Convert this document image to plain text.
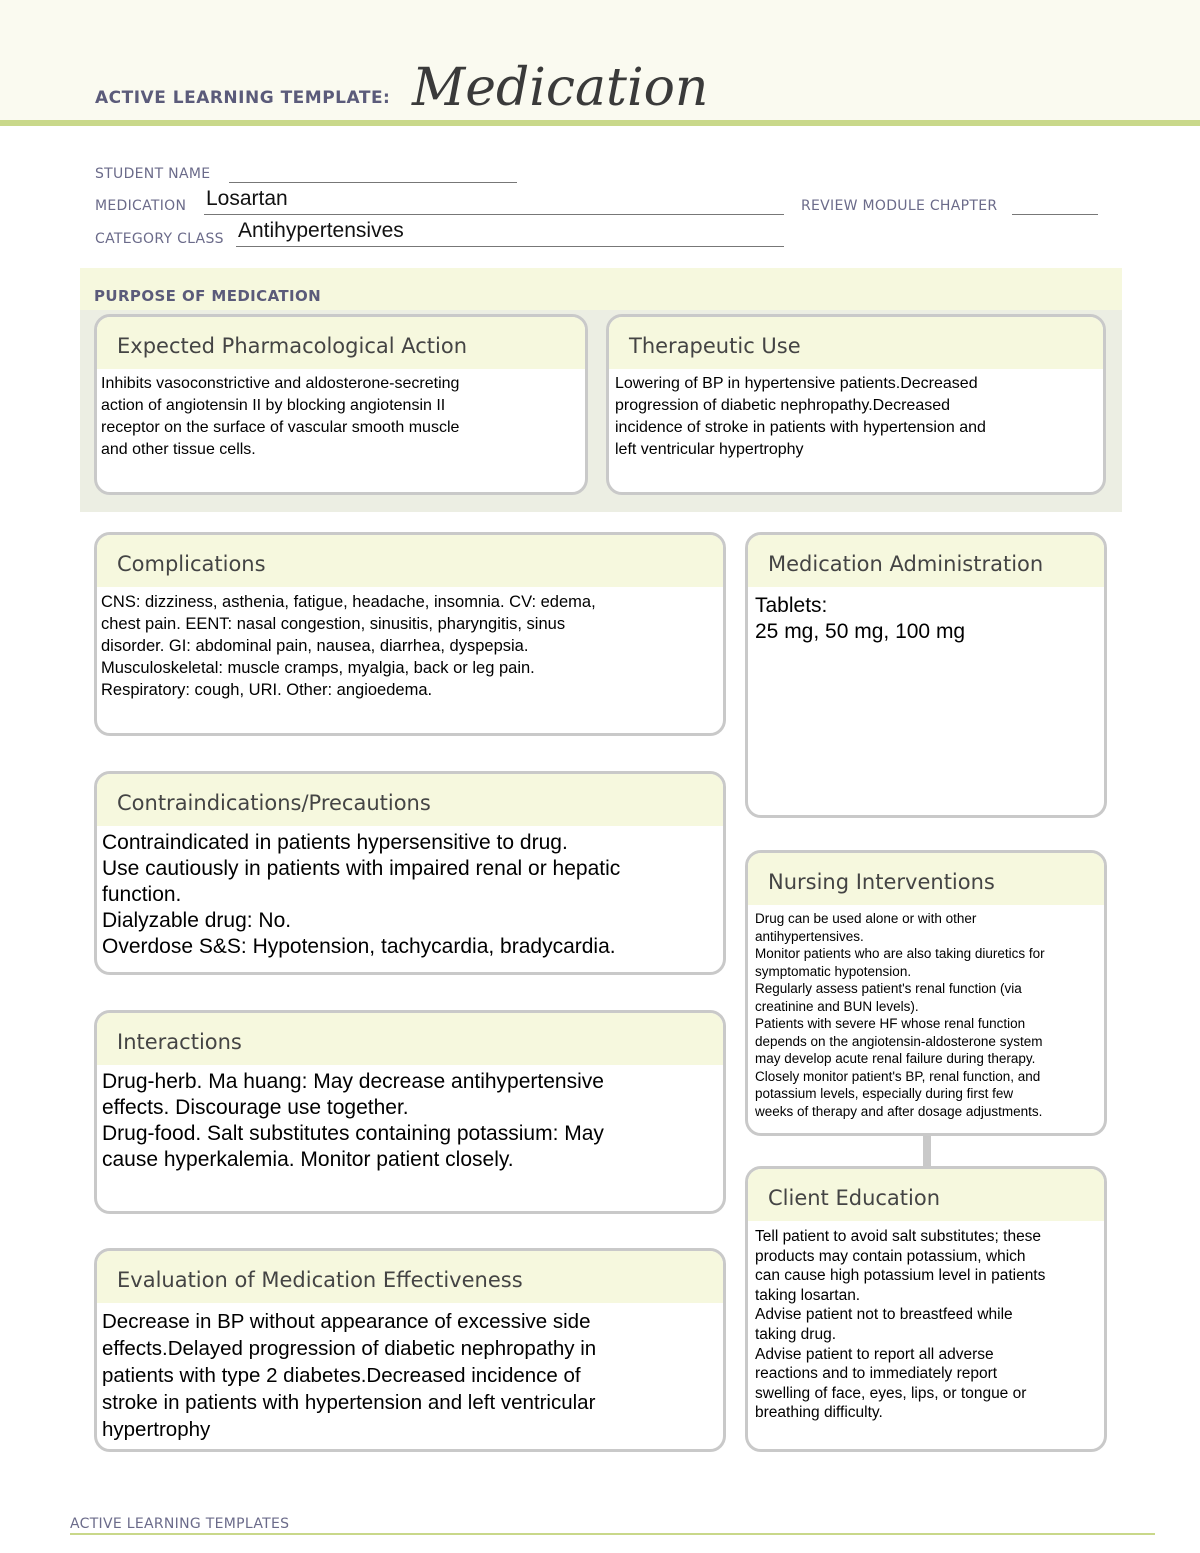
ACTIVE LEARNING TEMPLATE: Medication
STUDENT NAME
MEDICATION Losartan	REVIEW MODULE CHAPTER
CATEGORY CLASS Antihypertensives
PURPOSE OF MEDICATION
Expected Pharmacological Action
Inhibits vasoconstrictive and aldosterone-secreting
action of angiotensin II by blocking angiotensin II
receptor on the surface of vascular smooth muscle
and other tissue cells.
Therapeutic Use
Lowering of BP in hypertensive patients.Decreased
progression of diabetic nephropathy.Decreased
incidence of stroke in patients with hypertension and
left ventricular hypertrophy
Complications
CNS: dizziness, asthenia, fatigue, headache, insomnia. CV: edema,
chest pain. EENT: nasal congestion, sinusitis, pharyngitis, sinus
disorder. GI: abdominal pain, nausea, diarrhea, dyspepsia.
Musculoskeletal: muscle cramps, myalgia, back or leg pain.
Respiratory: cough, URI. Other: angioedema.
Medication Administration
Tablets:
25 mg, 50 mg, 100 mg
Contraindications/Precautions
Contraindicated in patients hypersensitive to drug.
Use cautiously in patients with impaired renal or hepatic
function.
Dialyzable drug: No.
Overdose S&S: Hypotension, tachycardia, bradycardia.
Nursing Interventions
Drug can be used alone or with other
antihypertensives.
Monitor patients who are also taking diuretics for
symptomatic hypotension.
Regularly assess patient's renal function (via
creatinine and BUN levels).
Patients with severe HF whose renal function
depends on the angiotensin-aldosterone system
may develop acute renal failure during therapy.
Closely monitor patient's BP, renal function, and
potassium levels, especially during first few
weeks of therapy and after dosage adjustments.
Interactions
Drug-herb. Ma huang: May decrease antihypertensive
effects. Discourage use together.
Drug-food. Salt substitutes containing potassium: May
cause hyperkalemia. Monitor patient closely.
Client Education
Tell patient to avoid salt substitutes; these
products may contain potassium, which
can cause high potassium level in patients
taking losartan.
Advise patient not to breastfeed while
taking drug.
Advise patient to report all adverse
reactions and to immediately report
swelling of face, eyes, lips, or tongue or
breathing difficulty.
Evaluation of Medication Effectiveness
Decrease in BP without appearance of excessive side
effects.Delayed progression of diabetic nephropathy in
patients with type 2 diabetes.Decreased incidence of
stroke in patients with hypertension and left ventricular
hypertrophy
ACTIVE LEARNING TEMPLATES
